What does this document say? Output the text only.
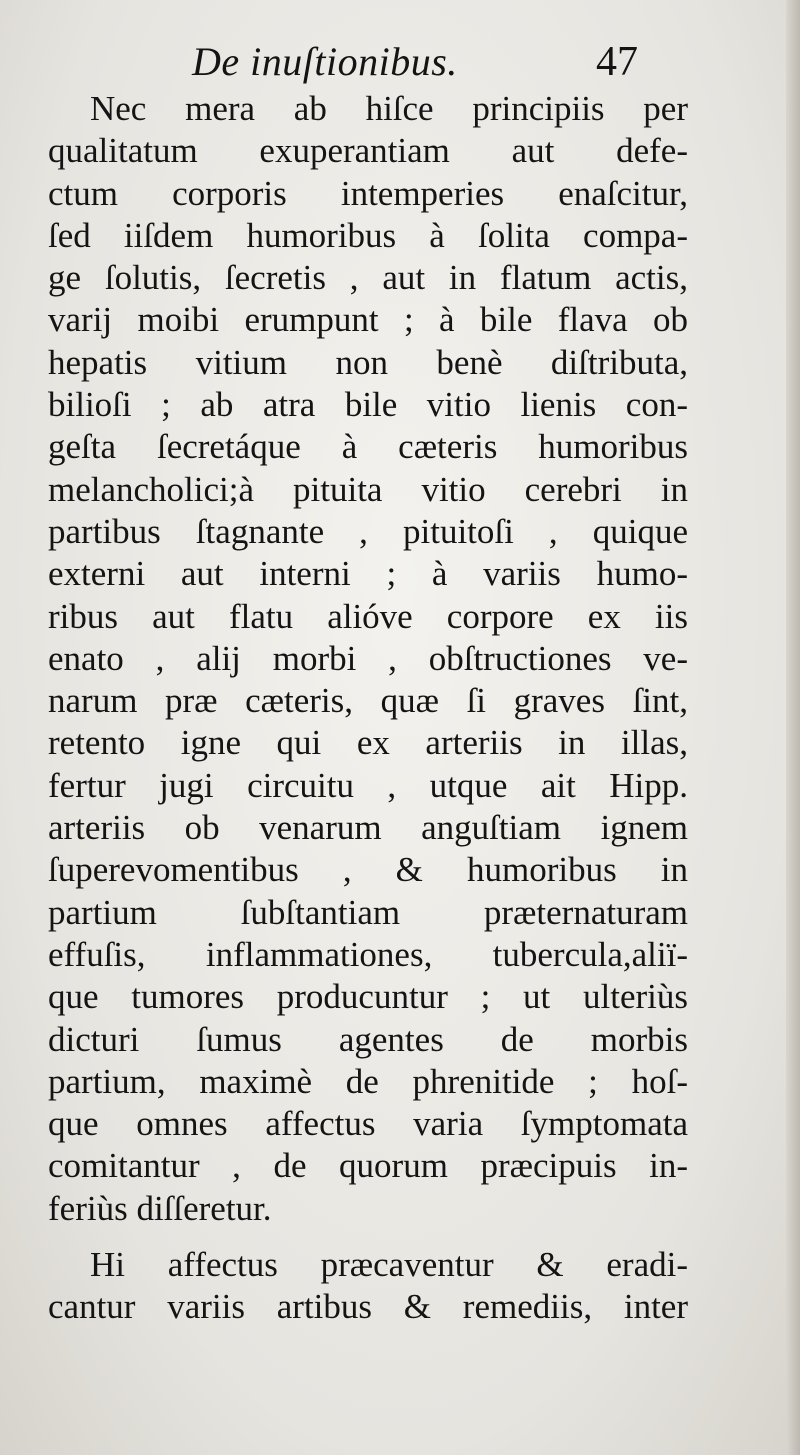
De inuſtionibus.	47
Nec mera ab hiſce principiis per
qualitatum exuperantiam aut defe-
ctum corporis intemperies enaſcitur,
ſed iiſdem humoribus à ſolita compa-
ge ſolutis, ſecretis , aut in flatum actis,
varij moibi erumpunt ; à bile flava ob
hepatis vitium non benè diſtributa,
bilioſi ; ab atra bile vitio lienis con-
geſta ſecretáque à cæteris humoribus
melancholici;à pituita vitio cerebri in
partibus ſtagnante , pituitoſi , quique
externi aut interni ; à variis humo-
ribus aut flatu alióve corpore ex iis
enato , alij morbi , obſtructiones ve-
narum præ cæteris, quæ ſi graves ſint,
retento igne qui ex arteriis in illas,
fertur jugi circuitu , utque ait Hipp.
arteriis ob venarum anguſtiam ignem
ſuperevomentibus , & humoribus in
partium ſubſtantiam præternaturam
effuſis, inflammationes, tubercula,aliï-
que tumores producuntur ; ut ulteriùs
dicturi ſumus agentes de morbis
partium, maximè de phrenitide ; hoſ-
que omnes affectus varia ſymptomata
comitantur , de quorum præcipuis in-
feriùs diſſeretur.
Hi affectus præcaventur & eradi-
cantur variis artibus & remediis, inter
